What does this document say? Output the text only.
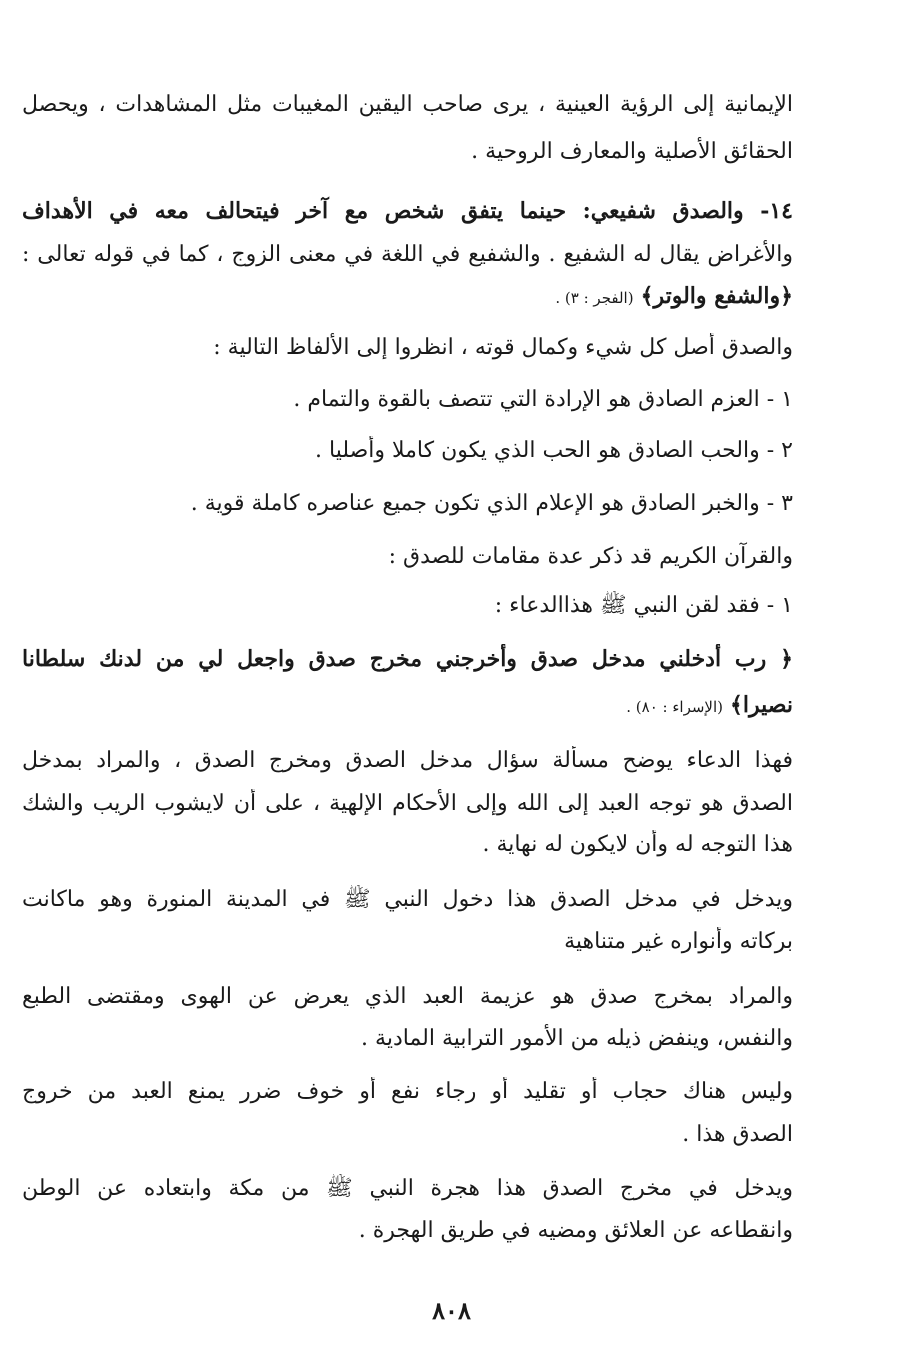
الإيمانية إلى الرؤية العينية ، يرى صاحب اليقين المغيبات مثل المشاهدات ، ويحصل
الحقائق الأصلية والمعارف الروحية .
١٤- والصدق شفيعي: حينما يتفق شخص مع آخر فيتحالف معه في الأهداف
والأغراض يقال له الشفيع . والشفيع في اللغة في معنى الزوج ، كما في قوله تعالى :
﴿والشفع والوتر﴾ (الفجر : ٣) .
والصدق أصل كل شيء وكمال قوته ، انظروا إلى الألفاظ التالية :
١ - العزم الصادق هو الإرادة التي تتصف بالقوة والتمام .
٢ - والحب الصادق هو الحب الذي يكون كاملا وأصليا .
٣ - والخبر الصادق هو الإعلام الذي تكون جميع عناصره كاملة قوية .
والقرآن الكريم قد ذكر عدة مقامات للصدق :
١ - فقد لقن النبي ﷺ هذاالدعاء :
﴿ رب أدخلني مدخل صدق وأخرجني مخرج صدق واجعل لي من لدنك سلطانا
نصيرا﴾ (الإسراء : ٨٠) .
فهذا الدعاء يوضح مسألة سؤال مدخل الصدق ومخرج الصدق ، والمراد بمدخل
الصدق هو توجه العبد إلى الله وإلى الأحكام الإلهية ، على أن لايشوب الريب والشك
هذا التوجه له وأن لايكون له نهاية .
ويدخل في مدخل الصدق هذا دخول النبي ﷺ في المدينة المنورة وهو ماكانت
بركاته وأنواره غير متناهية
والمراد بمخرج صدق هو عزيمة العبد الذي يعرض عن الهوى ومقتضى الطبع
والنفس، وينفض ذيله من الأمور الترابية المادية .
وليس هناك حجاب أو تقليد أو رجاء نفع أو خوف ضرر يمنع العبد من خروج
الصدق هذا .
ويدخل في مخرج الصدق هذا هجرة النبي ﷺ من مكة وابتعاده عن الوطن
وانقطاعه عن العلائق ومضيه في طريق الهجرة .
٨٠٨
